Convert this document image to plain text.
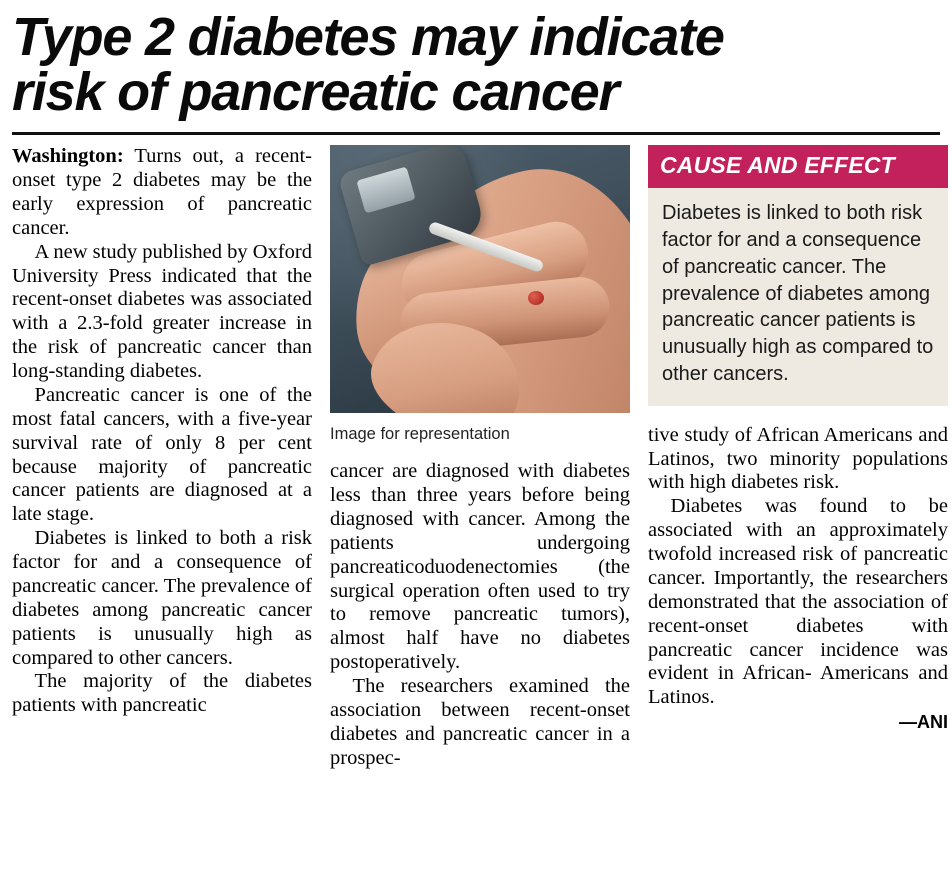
Type 2 diabetes may indicate
risk of pancreatic cancer

Washington: Turns out, a recent-onset type 2 diabetes may be the early expression of pancreatic cancer.

A new study published by Oxford University Press indicated that the recent-onset diabetes was associated with a 2.3-fold greater increase in the risk of pancreatic cancer than long-standing diabetes.

Pancreatic cancer is one of the most fatal cancers, with a five-year survival rate of only 8 per cent because majority of pancreatic cancer patients are diagnosed at a late stage.

Diabetes is linked to both a risk factor for and a consequence of pancreatic cancer. The prevalence of diabetes among pancreatic cancer patients is unusually high as compared to other cancers.

The majority of the diabetes patients with pancreatic

Image for representation

cancer are diagnosed with diabetes less than three years before being diagnosed with cancer. Among the patients undergoing pancreaticoduodenectomies (the surgical operation often used to try to remove pancreatic tumors), almost half have no diabetes postoperatively.

The researchers examined the association between recent-onset diabetes and pancreatic cancer in a prospec-

CAUSE AND EFFECT
Diabetes is linked to both risk factor for and a consequence of pancreatic cancer. The prevalence of diabetes among pancreatic cancer patients is unusually high as compared to other cancers.

tive study of African Americans and Latinos, two minority populations with high diabetes risk.

Diabetes was found to be associated with an approximately twofold increased risk of pancreatic cancer. Importantly, the researchers demonstrated that the association of recent-onset diabetes with pancreatic cancer incidence was evident in African- Americans and Latinos.

—ANI
